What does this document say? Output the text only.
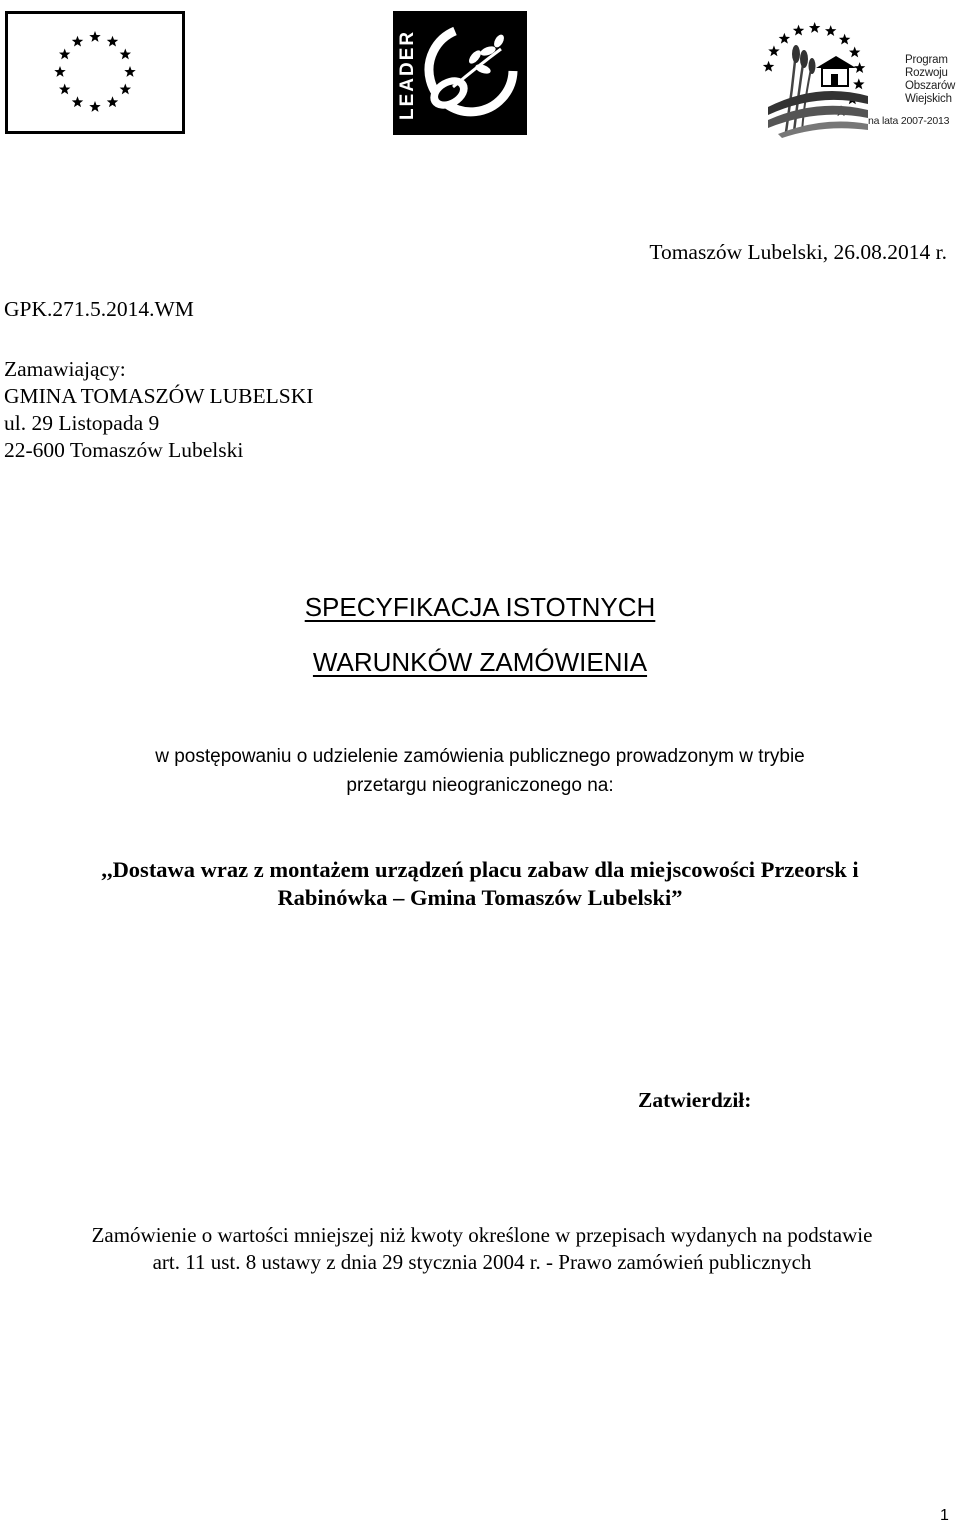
LEADER	Program
Rozwoju
Obszarów
Wiejskich
na lata 2007-2013
Tomaszów Lubelski, 26.08.2014 r.
GPK.271.5.2014.WM
Zamawiający:
GMINA TOMASZÓW LUBELSKI
ul. 29 Listopada 9
22-600 Tomaszów Lubelski
SPECYFIKACJA ISTOTNYCH
WARUNKÓW ZAMÓWIENIA
w postępowaniu o udzielenie zamówienia publicznego prowadzonym w trybie
przetargu nieograniczonego na:
,,Dostawa wraz z montażem urządzeń placu zabaw dla miejscowości Przeorsk i
Rabinówka – Gmina Tomaszów Lubelski”
Zatwierdził:
Zamówienie o wartości mniejszej niż kwoty określone w przepisach wydanych na podstawie
art. 11 ust. 8 ustawy z dnia 29 stycznia 2004 r. - Prawo zamówień publicznych
1
